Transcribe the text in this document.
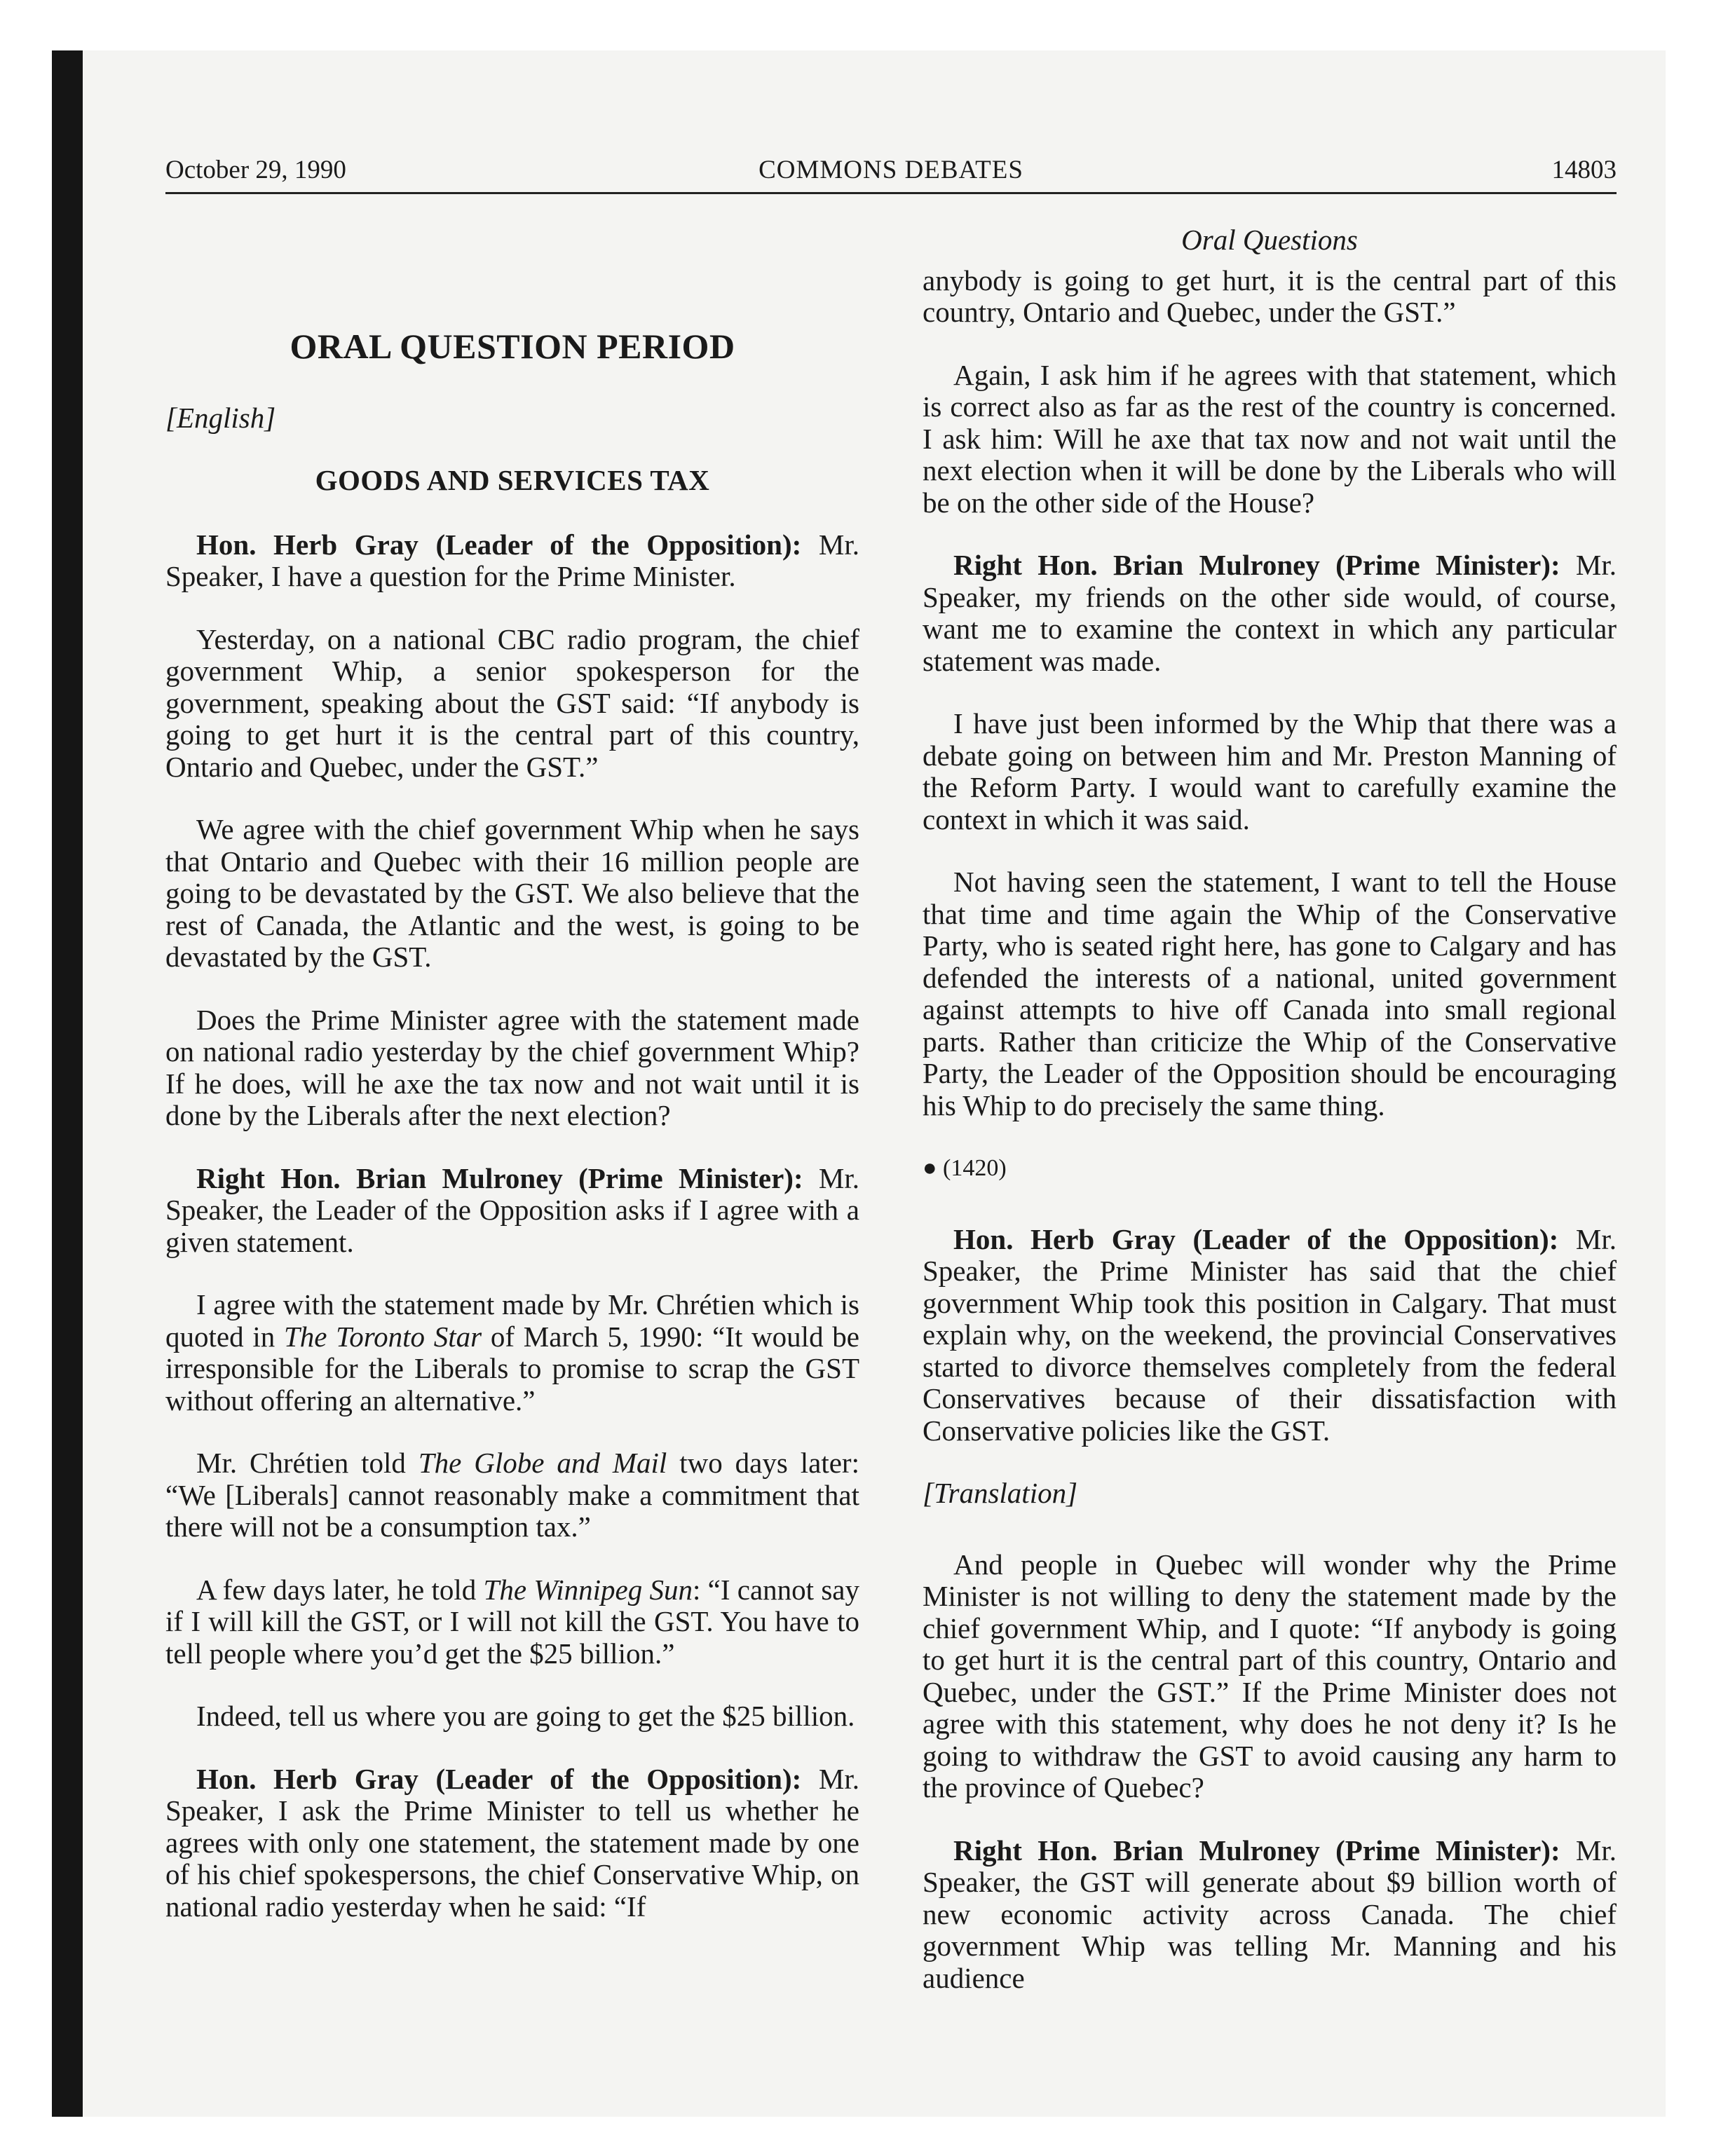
October 29, 1990	COMMONS DEBATES	14803
ORAL QUESTION PERIOD

[English]

GOODS AND SERVICES TAX

Hon. Herb Gray (Leader of the Opposition): Mr. Speaker, I have a question for the Prime Minister.

Yesterday, on a national CBC radio program, the chief government Whip, a senior spokesperson for the government, speaking about the GST said: “If anybody is going to get hurt it is the central part of this country, Ontario and Quebec, under the GST.”

We agree with the chief government Whip when he says that Ontario and Quebec with their 16 million people are going to be devastated by the GST. We also believe that the rest of Canada, the Atlantic and the west, is going to be devastated by the GST.

Does the Prime Minister agree with the statement made on national radio yesterday by the chief government Whip? If he does, will he axe the tax now and not wait until it is done by the Liberals after the next election?

Right Hon. Brian Mulroney (Prime Minister): Mr. Speaker, the Leader of the Opposition asks if I agree with a given statement.

I agree with the statement made by Mr. Chrétien which is quoted in The Toronto Star of March 5, 1990: “It would be irresponsible for the Liberals to promise to scrap the GST without offering an alternative.”

Mr. Chrétien told The Globe and Mail two days later: “We [Liberals] cannot reasonably make a commitment that there will not be a consumption tax.”

A few days later, he told The Winnipeg Sun: “I cannot say if I will kill the GST, or I will not kill the GST. You have to tell people where you’d get the $25 billion.”

Indeed, tell us where you are going to get the $25 billion.

Hon. Herb Gray (Leader of the Opposition): Mr. Speaker, I ask the Prime Minister to tell us whether he agrees with only one statement, the statement made by one of his chief spokespersons, the chief Conservative Whip, on national radio yesterday when he said: “If

Oral Questions

anybody is going to get hurt, it is the central part of this country, Ontario and Quebec, under the GST.”

Again, I ask him if he agrees with that statement, which is correct also as far as the rest of the country is concerned. I ask him: Will he axe that tax now and not wait until the next election when it will be done by the Liberals who will be on the other side of the House?

Right Hon. Brian Mulroney (Prime Minister): Mr. Speaker, my friends on the other side would, of course, want me to examine the context in which any particular statement was made.

I have just been informed by the Whip that there was a debate going on between him and Mr. Preston Manning of the Reform Party. I would want to carefully examine the context in which it was said.

Not having seen the statement, I want to tell the House that time and time again the Whip of the Conservative Party, who is seated right here, has gone to Calgary and has defended the interests of a national, united government against attempts to hive off Canada into small regional parts. Rather than criticize the Whip of the Conservative Party, the Leader of the Opposition should be encouraging his Whip to do precisely the same thing.

● (1420)

Hon. Herb Gray (Leader of the Opposition): Mr. Speaker, the Prime Minister has said that the chief government Whip took this position in Calgary. That must explain why, on the weekend, the provincial Conservatives started to divorce themselves completely from the federal Conservatives because of their dissatisfaction with Conservative policies like the GST.

[Translation]

And people in Quebec will wonder why the Prime Minister is not willing to deny the statement made by the chief government Whip, and I quote: “If anybody is going to get hurt it is the central part of this country, Ontario and Quebec, under the GST.” If the Prime Minister does not agree with this statement, why does he not deny it? Is he going to withdraw the GST to avoid causing any harm to the province of Quebec?

Right Hon. Brian Mulroney (Prime Minister): Mr. Speaker, the GST will generate about $9 billion worth of new economic activity across Canada. The chief government Whip was telling Mr. Manning and his audience
